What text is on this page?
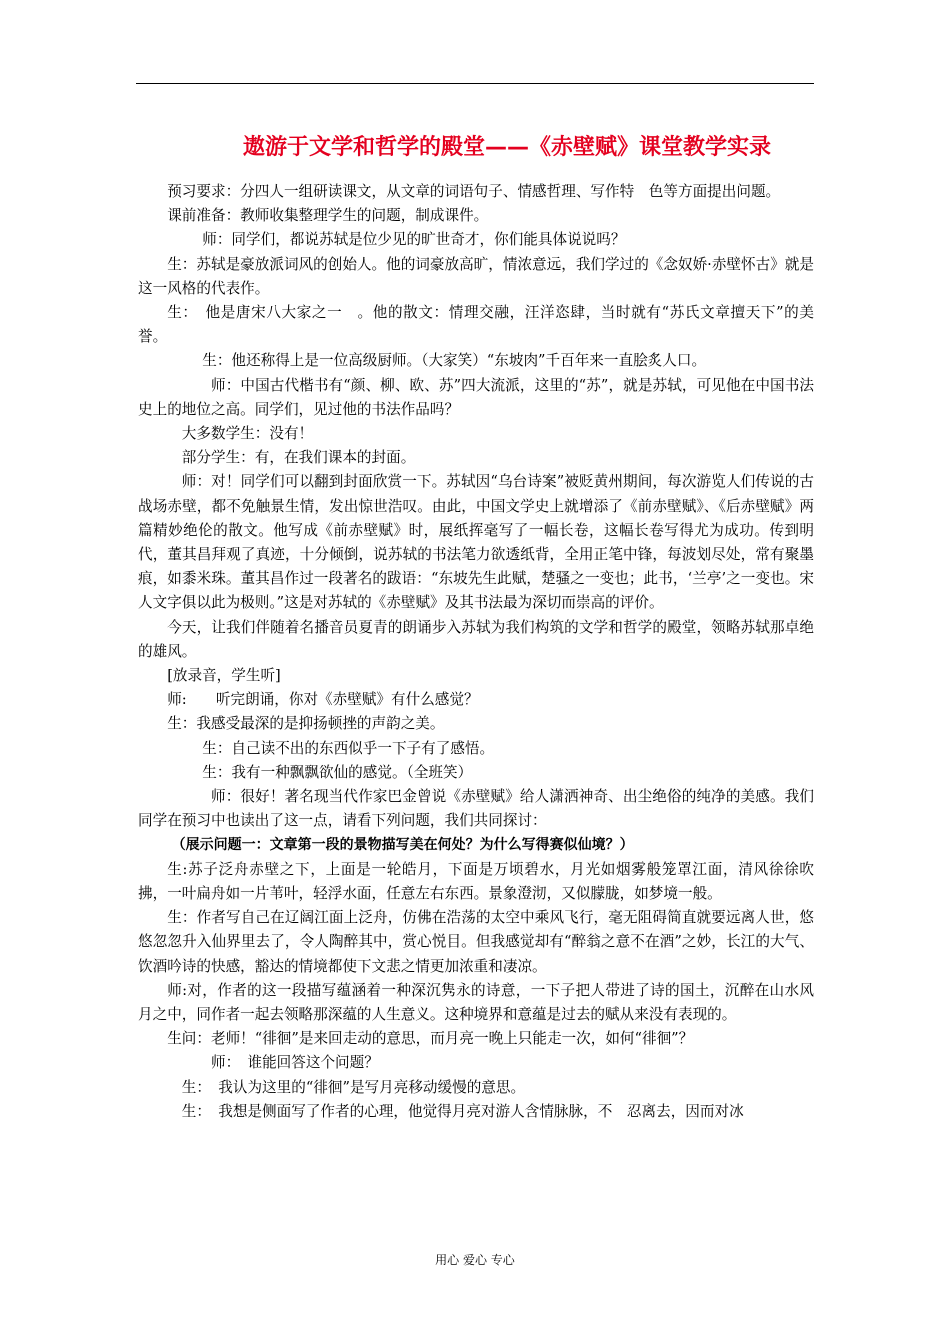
遨游于文学和哲学的殿堂——《赤壁赋》课堂教学实录

预习要求：分四人一组研读课文，从文章的词语句子、情感哲理、写作特　色等方面提出问题。

课前准备：教师收集整理学生的问题，制成课件。

师：同学们，都说苏轼是位少见的旷世奇才，你们能具体说说吗？

生：苏轼是豪放派词风的创始人。他的词豪放高旷，情浓意远，我们学过的《念奴娇·赤壁怀古》就是这一风格的代表作。

生：　他是唐宋八大家之一　。他的散文：情理交融，汪洋恣肆，当时就有“苏氏文章擅天下”的美誉。

生：他还称得上是一位高级厨师。（大家笑）“东坡肉”千百年来一直脍炙人口。

师：中国古代楷书有“颜、柳、欧、苏”四大流派，这里的“苏”，就是苏轼，可见他在中国书法史上的地位之高。同学们，见过他的书法作品吗？

大多数学生：没有！

部分学生：有，在我们课本的封面。

师：对！同学们可以翻到封面欣赏一下。苏轼因“乌台诗案”被贬黄州期间，每次游览人们传说的古战场赤壁，都不免触景生情，发出惊世浩叹。由此，中国文学史上就增添了《前赤壁赋》、《后赤壁赋》两篇精妙绝伦的散文。他写成《前赤壁赋》时，展纸挥毫写了一幅长卷，这幅长卷写得尤为成功。传到明代，董其昌拜观了真迹，十分倾倒，说苏轼的书法笔力欲透纸背，全用正笔中锋，每波划尽处，常有聚墨痕，如黍米珠。董其昌作过一段著名的跋语：“东坡先生此赋，楚骚之一变也；此书，‘兰亭’之一变也。宋人文字俱以此为极则。”这是对苏轼的《赤壁赋》及其书法最为深切而崇高的评价。

今天，让我们伴随着名播音员夏青的朗诵步入苏轼为我们构筑的文学和哲学的殿堂，领略苏轼那卓绝的雄风。

[放录音，学生听]

师:　　听完朗诵，你对《赤壁赋》有什么感觉？

生：我感受最深的是抑扬顿挫的声韵之美。

生：自己读不出的东西似乎一下子有了感悟。

生：我有一种飘飘欲仙的感觉。（全班笑）

师：很好！著名现当代作家巴金曾说《赤壁赋》给人潇洒神奇、出尘绝俗的纯净的美感。我们同学在预习中也读出了这一点，请看下列问题，我们共同探讨：

（展示问题一：文章第一段的景物描写美在何处？为什么写得赛似仙境？）

生:苏子泛舟赤壁之下，上面是一轮皓月，下面是万顷碧水，月光如烟雾般笼罩江面，清风徐徐吹拂，一叶扁舟如一片苇叶，轻浮水面，任意左右东西。景象澄沏，又似朦胧，如梦境一般。

生：作者写自己在辽阔江面上泛舟，仿佛在浩荡的太空中乘风飞行，毫无阻碍简直就要远离人世，悠悠忽忽升入仙界里去了，令人陶醉其中，赏心悦目。但我感觉却有“醉翁之意不在酒”之妙，长江的大气、饮酒吟诗的快感，豁达的情境都使下文悲之情更加浓重和凄凉。

师:对，作者的这一段描写蕴涵着一种深沉隽永的诗意，一下子把人带进了诗的国土，沉醉在山水风月之中，同作者一起去领略那深蕴的人生意义。这种境界和意蕴是过去的赋从来没有表现的。

生问：老师！“徘徊”是来回走动的意思，而月亮一晚上只能走一次，如何“徘徊”？

师：　谁能回答这个问题？

生：　我认为这里的“徘徊”是写月亮移动缓慢的意思。

生：　我想是侧面写了作者的心理，他觉得月亮对游人含情脉脉，不　忍离去，因而对冰

用心 爱心 专心
